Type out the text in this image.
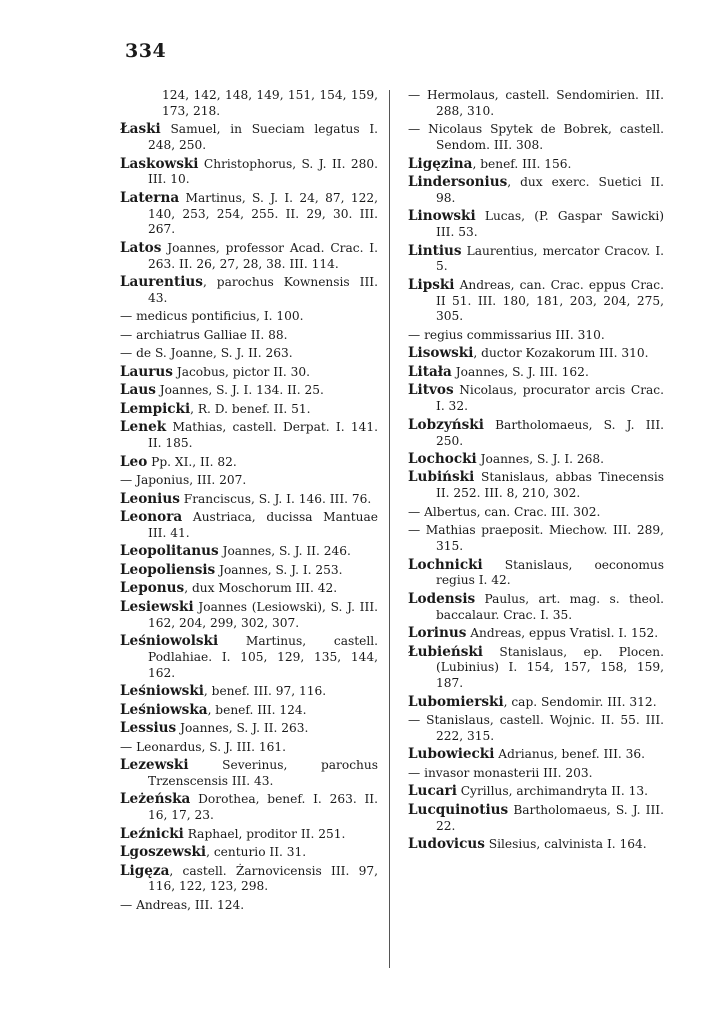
334
124, 142, 148, 149, 151, 154, 159, 173, 218.
Łaski Samuel, in Sueciam legatus I. 248, 250.
Laskowski Christophorus, S. J. II. 280. III. 10.
Laterna Martinus, S. J. I. 24, 87, 122, 140, 253, 254, 255. II. 29, 30. III. 267.
Latos Joannes, professor Acad. Crac. I. 263. II. 26, 27, 28, 38. III. 114.
Laurentius, parochus Kownensis III. 43.
— medicus pontificius, I. 100.
— archiatrus Galliae II. 88.
— de S. Joanne, S. J. II. 263.
Laurus Jacobus, pictor II. 30.
Laus Joannes, S. J. I. 134. II. 25.
Lempicki, R. D. benef. II. 51.
Lenek Mathias, castell. Derpat. I. 141. II. 185.
Leo Pp. XI., II. 82.
— Japonius, III. 207.
Leonius Franciscus, S. J. I. 146. III. 76.
Leonora Austriaca, ducissa Mantuae III. 41.
Leopolitanus Joannes, S. J. II. 246.
Leopoliensis Joannes, S. J. I. 253.
Leponus, dux Moschorum III. 42.
Lesiewski Joannes (Lesiowski), S. J. III. 162, 204, 299, 302, 307.
Leśniowolski Martinus, castell. Podlahiae. I. 105, 129, 135, 144, 162.
Leśniowski, benef. III. 97, 116.
Leśniowska, benef. III. 124.
Lessius Joannes, S. J. II. 263.
— Leonardus, S. J. III. 161.
Lezewski	Severinus, parochus Trzenscensis III. 43.
Leżeńska Dorothea, benef. I. 263. II. 16, 17, 23.
Leźnicki Raphael, proditor II. 251.
Lgoszewski, centurio II. 31.
Ligęza, castell. Żarnovicensis III. 97, 116, 122, 123, 298.
— Andreas, III. 124.
— Hermolaus, castell. Sendomirien. III. 288, 310.
— Nicolaus Spytek de Bobrek, castell. Sendom. III. 308.
Ligęzina, benef. III. 156.
Lindersonius, dux exerc. Suetici II. 98.
Linowski Lucas, (P. Gaspar Sawicki) III. 53.
Lintius Laurentius, mercator Cracov. I. 5.
Lipski Andreas, can. Crac. eppus Crac. II 51. III. 180, 181, 203, 204, 275, 305.
— regius commissarius III. 310.
Lisowski, ductor Kozakorum III. 310.
Litała Joannes, S. J. III. 162.
Litvos Nicolaus, procurator arcis Crac. I. 32.
Lobzyński Bartholomaeus, S. J. III. 250.
Lochocki Joannes, S. J. I. 268.
Lubiński Stanislaus, abbas Tinecensis II. 252. III. 8, 210, 302.
— Albertus, can. Crac. III. 302.
— Mathias praeposit. Miechow. III. 289, 315.
Lochnicki Stanislaus, oeconomus regius I. 42.
Lodensis Paulus, art. mag. s. theol. baccalaur. Crac. I. 35.
Lorinus Andreas, eppus Vratisl. I. 152.
Łubieński Stanislaus, ep. Plocen. (Lubinius) I. 154, 157, 158, 159, 187.
Lubomierski, cap. Sendomir. III. 312.
— Stanislaus, castell. Wojnic. II. 55. III. 222, 315.
Lubowiecki Adrianus, benef. III. 36.
— invasor monasterii III. 203.
Lucari Cyrillus, archimandryta II. 13.
Lucquinotius Bartholomaeus, S. J. III. 22.
Ludovicus Silesius, calvinista I. 164.
